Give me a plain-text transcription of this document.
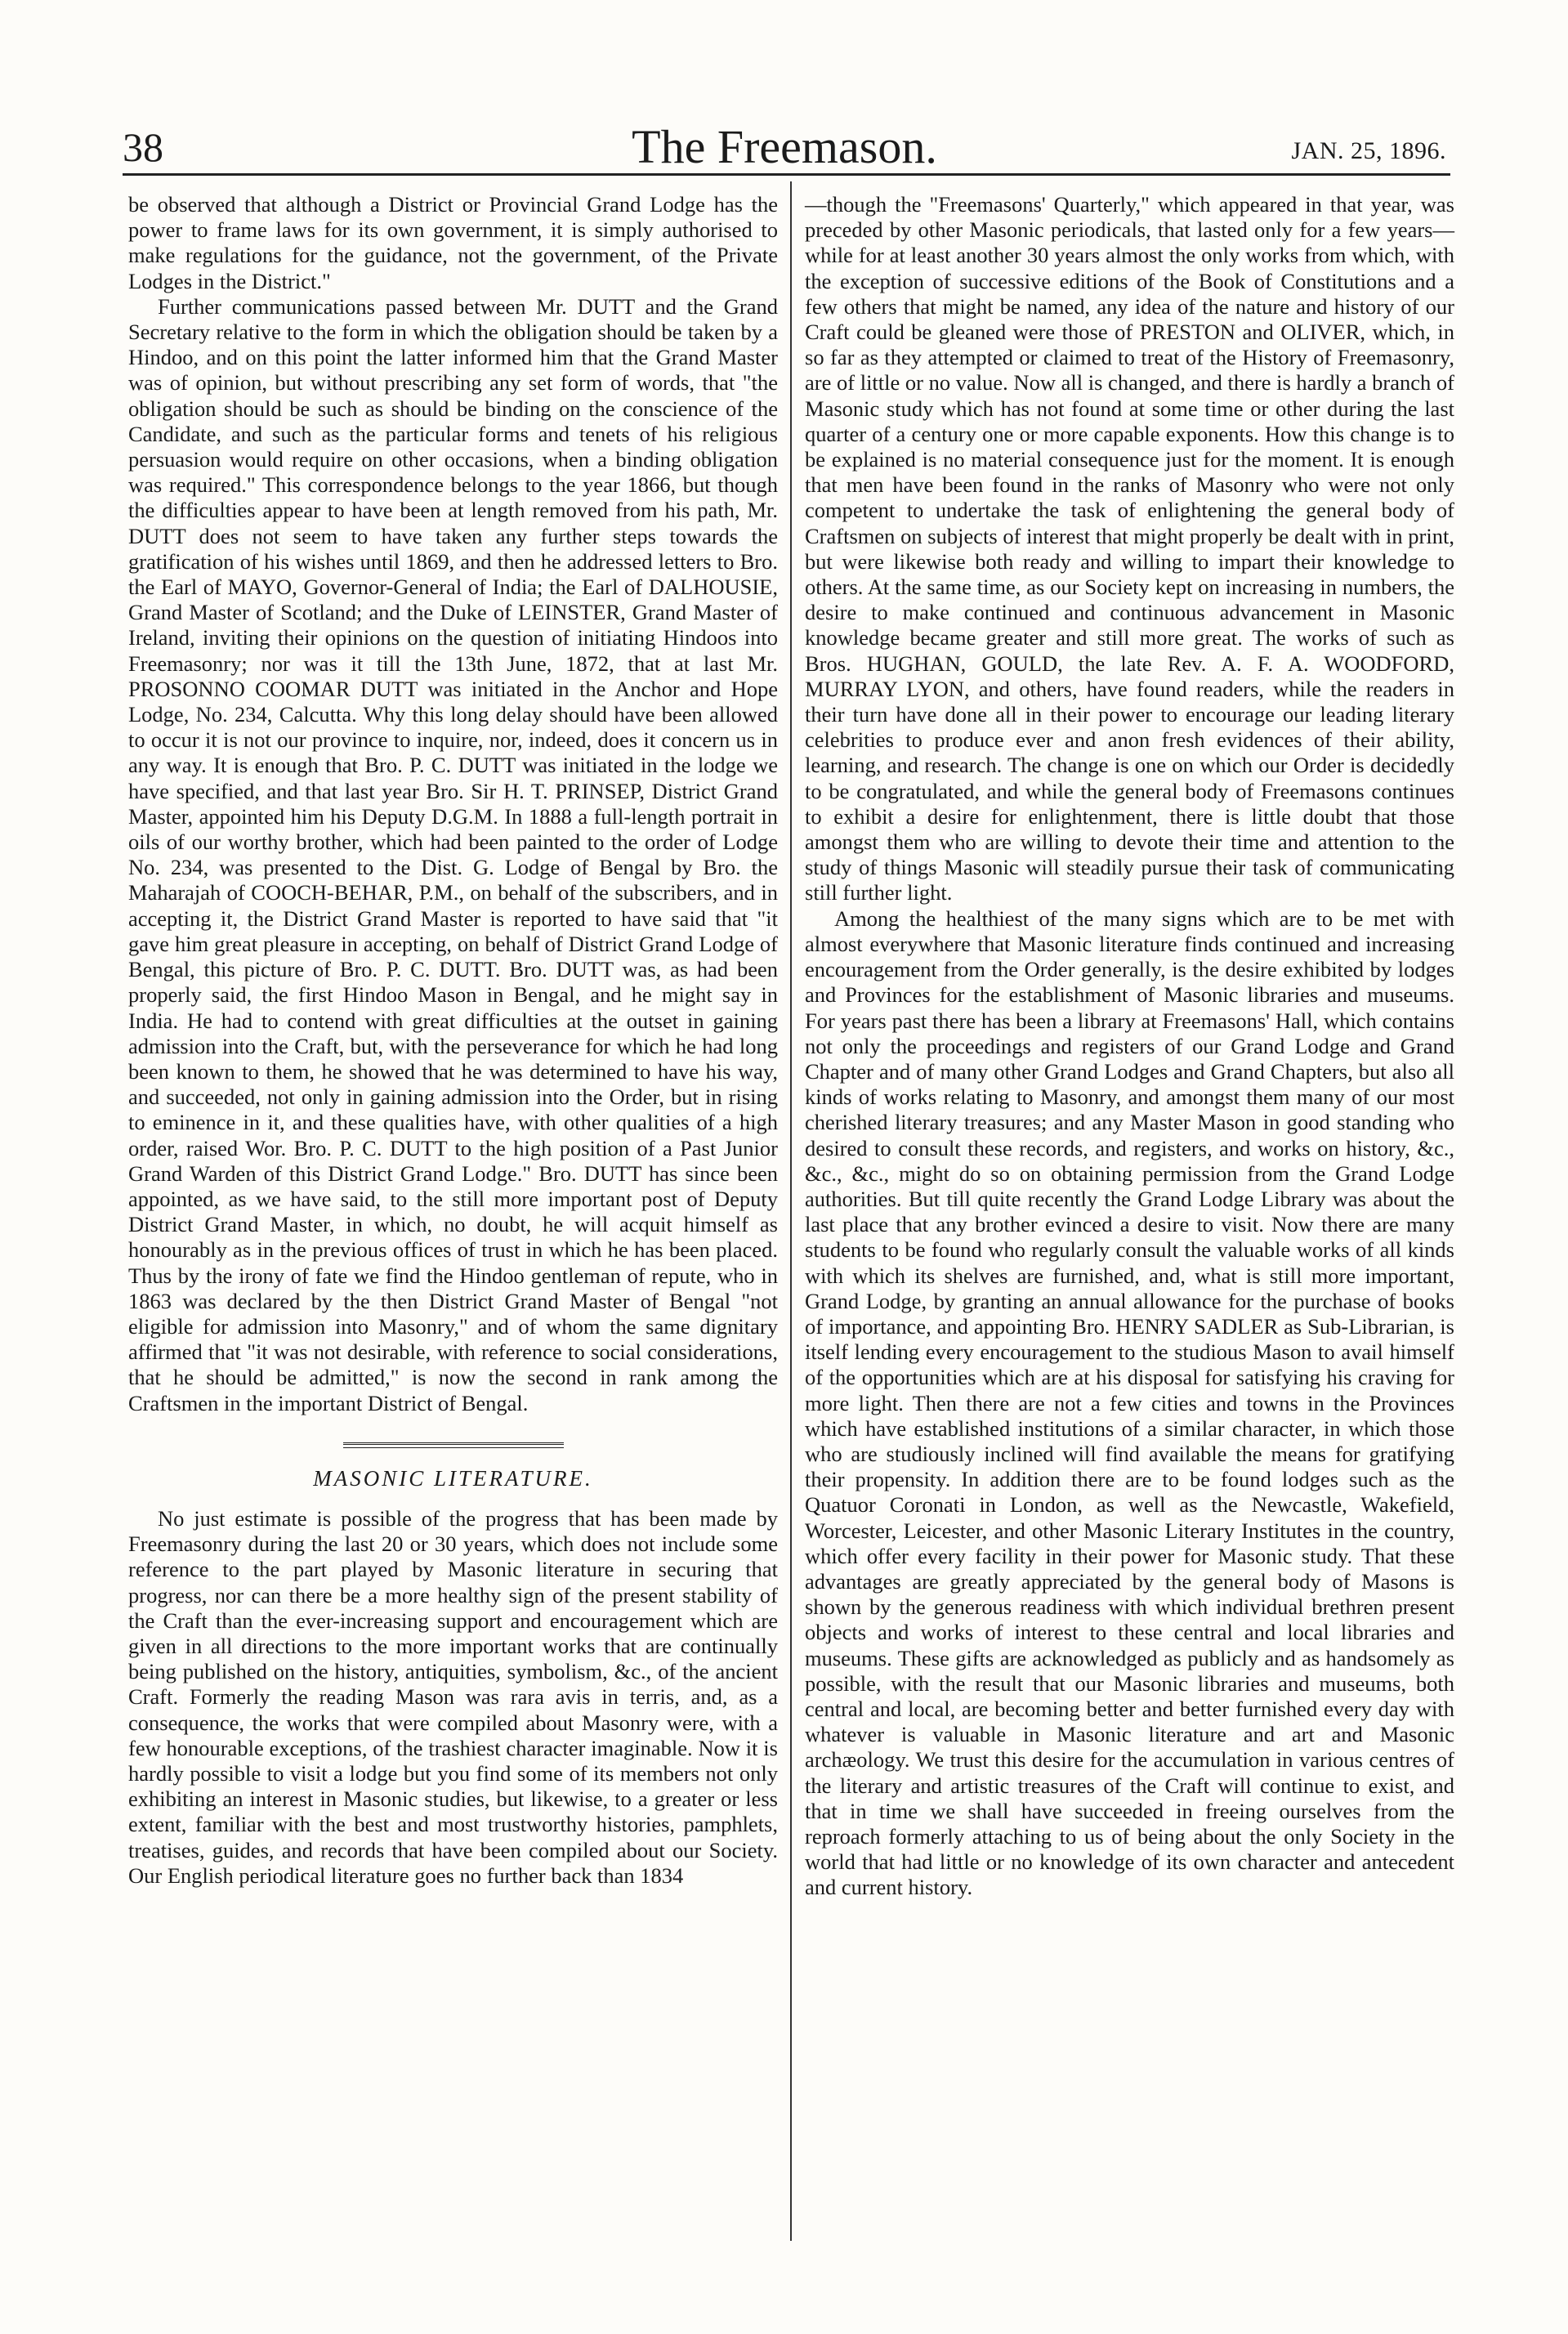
38	The Freemason.	JAN. 25, 1896.

be observed that although a District or Provincial Grand Lodge has the power to frame laws for its own government, it is simply authorised to make regulations for the guidance, not the government, of the Private Lodges in the District."

Further communications passed between Mr. DUTT and the Grand Secretary relative to the form in which the obligation should be taken by a Hindoo, and on this point the latter informed him that the Grand Master was of opinion, but without prescribing any set form of words, that "the obligation should be such as should be binding on the conscience of the Candidate, and such as the particular forms and tenets of his religious persuasion would require on other occasions, when a binding obligation was required." This correspondence belongs to the year 1866, but though the difficulties appear to have been at length removed from his path, Mr. DUTT does not seem to have taken any further steps towards the gratification of his wishes until 1869, and then he addressed letters to Bro. the Earl of MAYO, Governor-General of India; the Earl of DALHOUSIE, Grand Master of Scotland; and the Duke of LEINSTER, Grand Master of Ireland, inviting their opinions on the question of initiating Hindoos into Freemasonry; nor was it till the 13th June, 1872, that at last Mr. PROSONNO COOMAR DUTT was initiated in the Anchor and Hope Lodge, No. 234, Calcutta. Why this long delay should have been allowed to occur it is not our province to inquire, nor, indeed, does it concern us in any way. It is enough that Bro. P. C. DUTT was initiated in the lodge we have specified, and that last year Bro. Sir H. T. PRINSEP, District Grand Master, appointed him his Deputy D.G.M. In 1888 a full-length portrait in oils of our worthy brother, which had been painted to the order of Lodge No. 234, was presented to the Dist. G. Lodge of Bengal by Bro. the Maharajah of COOCH-BEHAR, P.M., on behalf of the subscribers, and in accepting it, the District Grand Master is reported to have said that "it gave him great pleasure in accepting, on behalf of District Grand Lodge of Bengal, this picture of Bro. P. C. DUTT. Bro. DUTT was, as had been properly said, the first Hindoo Mason in Bengal, and he might say in India. He had to contend with great difficulties at the outset in gaining admission into the Craft, but, with the perseverance for which he had long been known to them, he showed that he was determined to have his way, and succeeded, not only in gaining admission into the Order, but in rising to eminence in it, and these qualities have, with other qualities of a high order, raised Wor. Bro. P. C. DUTT to the high position of a Past Junior Grand Warden of this District Grand Lodge." Bro. DUTT has since been appointed, as we have said, to the still more important post of Deputy District Grand Master, in which, no doubt, he will acquit himself as honourably as in the previous offices of trust in which he has been placed. Thus by the irony of fate we find the Hindoo gentleman of repute, who in 1863 was declared by the then District Grand Master of Bengal "not eligible for admission into Masonry," and of whom the same dignitary affirmed that "it was not desirable, with reference to social considerations, that he should be admitted," is now the second in rank among the Craftsmen in the important District of Bengal.

MASONIC LITERATURE.

No just estimate is possible of the progress that has been made by Freemasonry during the last 20 or 30 years, which does not include some reference to the part played by Masonic literature in securing that progress, nor can there be a more healthy sign of the present stability of the Craft than the ever-increasing support and encouragement which are given in all directions to the more important works that are continually being published on the history, antiquities, symbolism, &c., of the ancient Craft. Formerly the reading Mason was rara avis in terris, and, as a consequence, the works that were compiled about Masonry were, with a few honourable exceptions, of the trashiest character imaginable. Now it is hardly possible to visit a lodge but you find some of its members not only exhibiting an interest in Masonic studies, but likewise, to a greater or less extent, familiar with the best and most trustworthy histories, pamphlets, treatises, guides, and records that have been compiled about our Society. Our English periodical literature goes no further back than 1834

—though the "Freemasons' Quarterly," which appeared in that year, was preceded by other Masonic periodicals, that lasted only for a few years—while for at least another 30 years almost the only works from which, with the exception of successive editions of the Book of Constitutions and a few others that might be named, any idea of the nature and history of our Craft could be gleaned were those of PRESTON and OLIVER, which, in so far as they attempted or claimed to treat of the History of Freemasonry, are of little or no value. Now all is changed, and there is hardly a branch of Masonic study which has not found at some time or other during the last quarter of a century one or more capable exponents. How this change is to be explained is no material consequence just for the moment. It is enough that men have been found in the ranks of Masonry who were not only competent to undertake the task of enlightening the general body of Craftsmen on subjects of interest that might properly be dealt with in print, but were likewise both ready and willing to impart their knowledge to others. At the same time, as our Society kept on increasing in numbers, the desire to make continued and continuous advancement in Masonic knowledge became greater and still more great. The works of such as Bros. HUGHAN, GOULD, the late Rev. A. F. A. WOODFORD, MURRAY LYON, and others, have found readers, while the readers in their turn have done all in their power to encourage our leading literary celebrities to produce ever and anon fresh evidences of their ability, learning, and research. The change is one on which our Order is decidedly to be congratulated, and while the general body of Freemasons continues to exhibit a desire for enlightenment, there is little doubt that those amongst them who are willing to devote their time and attention to the study of things Masonic will steadily pursue their task of communicating still further light.

Among the healthiest of the many signs which are to be met with almost everywhere that Masonic literature finds continued and increasing encouragement from the Order generally, is the desire exhibited by lodges and Provinces for the establishment of Masonic libraries and museums. For years past there has been a library at Freemasons' Hall, which contains not only the proceedings and registers of our Grand Lodge and Grand Chapter and of many other Grand Lodges and Grand Chapters, but also all kinds of works relating to Masonry, and amongst them many of our most cherished literary treasures; and any Master Mason in good standing who desired to consult these records, and registers, and works on history, &c., &c., &c., might do so on obtaining permission from the Grand Lodge authorities. But till quite recently the Grand Lodge Library was about the last place that any brother evinced a desire to visit. Now there are many students to be found who regularly consult the valuable works of all kinds with which its shelves are furnished, and, what is still more important, Grand Lodge, by granting an annual allowance for the purchase of books of importance, and appointing Bro. HENRY SADLER as Sub-Librarian, is itself lending every encouragement to the studious Mason to avail himself of the opportunities which are at his disposal for satisfying his craving for more light. Then there are not a few cities and towns in the Provinces which have established institutions of a similar character, in which those who are studiously inclined will find available the means for gratifying their propensity. In addition there are to be found lodges such as the Quatuor Coronati in London, as well as the Newcastle, Wakefield, Worcester, Leicester, and other Masonic Literary Institutes in the country, which offer every facility in their power for Masonic study. That these advantages are greatly appreciated by the general body of Masons is shown by the generous readiness with which individual brethren present objects and works of interest to these central and local libraries and museums. These gifts are acknowledged as publicly and as handsomely as possible, with the result that our Masonic libraries and museums, both central and local, are becoming better and better furnished every day with whatever is valuable in Masonic literature and art and Masonic archæology. We trust this desire for the accumulation in various centres of the literary and artistic treasures of the Craft will continue to exist, and that in time we shall have succeeded in freeing ourselves from the reproach formerly attaching to us of being about the only Society in the world that had little or no knowledge of its own character and antecedent and current history.
